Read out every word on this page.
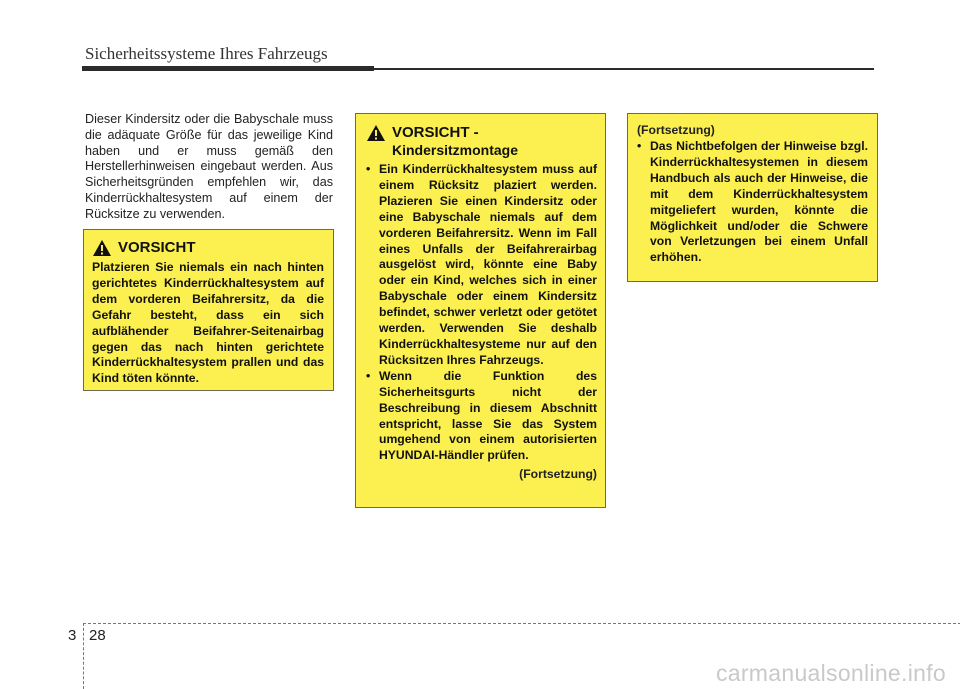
Sicherheitssysteme Ihres Fahrzeugs
Dieser Kindersitz oder die Babyschale muss die adäquate Größe für das jeweilige Kind haben und er muss gemäß den Herstellerhinweisen eingebaut werden. Aus Sicherheitsgründen empfehlen wir, das Kinderrückhaltesystem auf einem der Rücksitze zu verwenden.
VORSICHT
Platzieren Sie niemals ein nach hinten gerichtetes Kinderrückhaltesystem auf dem vorderen Beifahrersitz, da die Gefahr besteht, dass ein sich aufblähender Beifahrer-Seitenairbag gegen das nach hinten gerichtete Kinderrückhaltesystem prallen und das Kind töten könnte.
VORSICHT -
Kindersitzmontage
• Ein Kinderrückhaltesystem muss auf einem Rücksitz plaziert werden. Plazieren Sie einen Kindersitz oder eine Babyschale niemals auf dem vorderen Beifahrersitz. Wenn im Fall eines Unfalls der Beifahrerairbag ausgelöst wird, könnte eine Baby oder ein Kind, welches sich in einer Babyschale oder einem Kindersitz befindet, schwer verletzt oder getötet werden. Verwenden Sie deshalb Kinderrückhaltesysteme nur auf den Rücksitzen Ihres Fahrzeugs.
• Wenn die Funktion des Sicherheitsgurts nicht der Beschreibung in diesem Abschnitt entspricht, lasse Sie das System umgehend von einem autorisierten HYUNDAI-Händler prüfen.
(Fortsetzung)
(Fortsetzung)
• Das Nichtbefolgen der Hinweise bzgl. Kinderrückhaltesystemen in diesem Handbuch als auch der Hinweise, die mit dem Kinderrückhaltesystem mitgeliefert wurden, könnte die Möglichkeit und/oder die Schwere von Verletzungen bei einem Unfall erhöhen.
3 28
carmanualsonline.info
